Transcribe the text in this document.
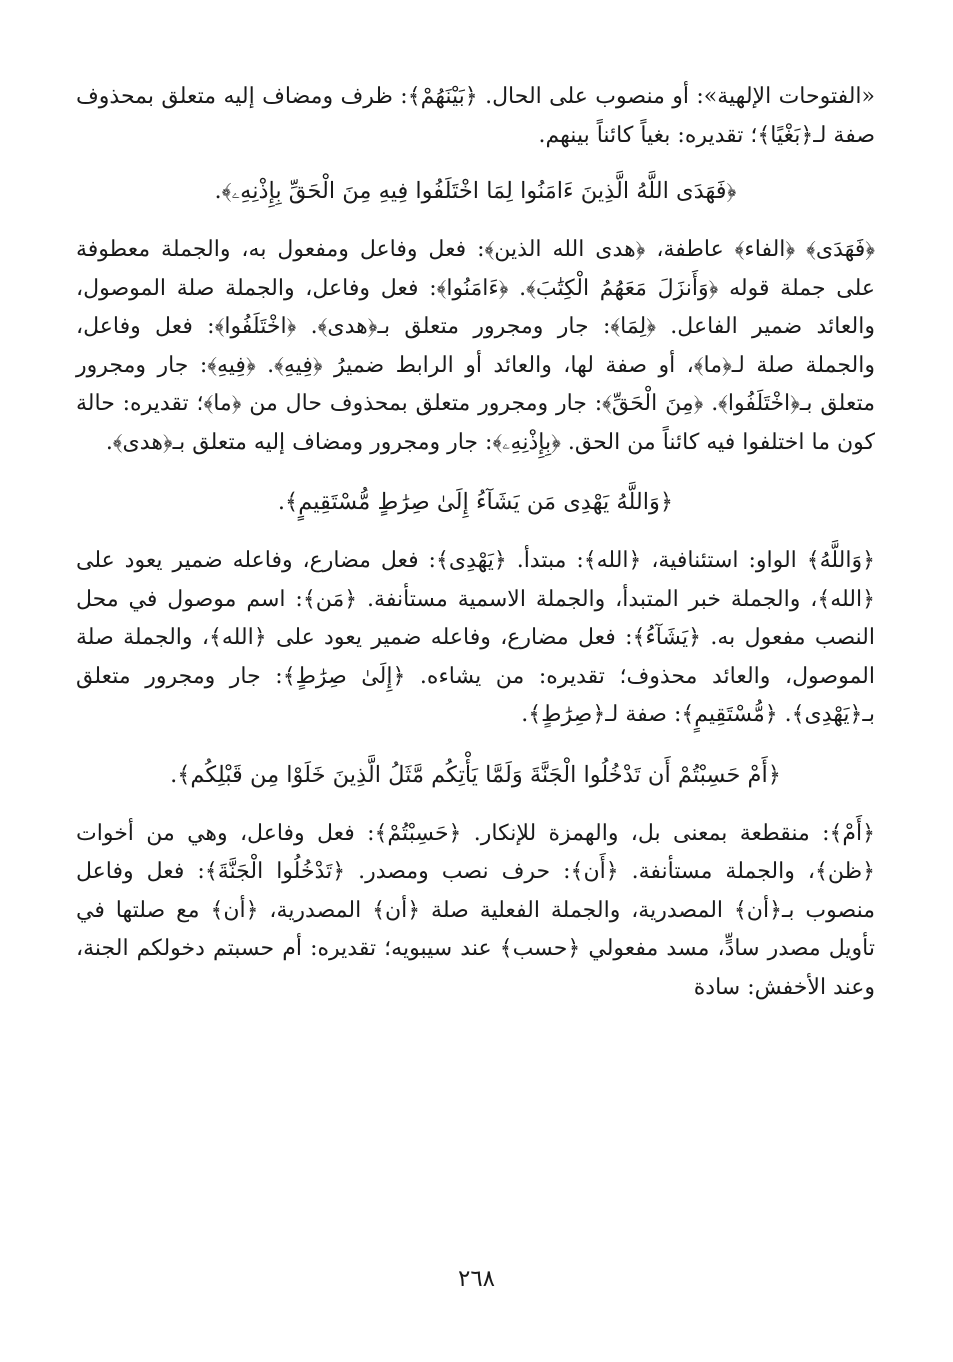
«الفتوحات الإلهية»: أو منصوب على الحال. ﴿بَيْنَهُمْ﴾: ظرف ومضاف إليه متعلق بمحذوف صفة لـ﴿بَغْيًا﴾؛ تقديره: بغياً كائناً بينهم.

﴿فَهَدَى اللَّهُ الَّذِينَ ءَامَنُوا لِمَا اخْتَلَفُوا فِيهِ مِنَ الْحَقِّ بِإِذْنِهِۦ﴾.

﴿فَهَدَى﴾ ﴿الفاء﴾ عاطفة، ﴿هدى الله الذين﴾: فعل وفاعل ومفعول به، والجملة معطوفة على جملة قوله ﴿وَأَنزَلَ مَعَهُمُ الْكِتَٰبَ﴾. ﴿ءَامَنُوا﴾: فعل وفاعل، والجملة صلة الموصول، والعائد ضمير الفاعل. ﴿لِمَا﴾: جار ومجرور متعلق بـ﴿هدى﴾. ﴿اخْتَلَفُوا﴾: فعل وفاعل، والجملة صلة لـ﴿ما﴾، أو صفة لها، والعائد أو الرابط ضميرُ ﴿فِيهِ﴾. ﴿فِيهِ﴾: جار ومجرور متعلق بـ﴿اخْتَلَفُوا﴾. ﴿مِنَ الْحَقِّ﴾: جار ومجرور متعلق بمحذوف حال من ﴿ما﴾؛ تقديره: حالة كون ما اختلفوا فيه كائناً من الحق. ﴿بِإِذْنِهِۦ﴾: جار ومجرور ومضاف إليه متعلق بـ﴿هدى﴾.

﴿وَاللَّهُ يَهْدِى مَن يَشَآءُ إِلَىٰ صِرَٰطٍ مُّسْتَقِيمٍ﴾.

﴿وَاللَّهُ﴾ الواو: استئنافية، ﴿الله﴾: مبتدأ. ﴿يَهْدِى﴾: فعل مضارع، وفاعله ضمير يعود على ﴿الله﴾، والجملة خبر المتبدأ، والجملة الاسمية مستأنفة. ﴿مَن﴾: اسم موصول في محل النصب مفعول به. ﴿يَشَآءُ﴾: فعل مضارع، وفاعله ضمير يعود على ﴿الله﴾، والجملة صلة الموصول، والعائد محذوف؛ تقديره: من يشاءه. ﴿إِلَىٰ صِرَٰطٍ﴾: جار ومجرور متعلق بـ﴿يَهْدِى﴾. ﴿مُّسْتَقِيمٍ﴾: صفة لـ﴿صِرَٰطٍ﴾.

﴿أَمْ حَسِبْتُمْ أَن تَدْخُلُوا الْجَنَّةَ وَلَمَّا يَأْتِكُم مَّثَلُ الَّذِينَ خَلَوْا مِن قَبْلِكُم﴾.

﴿أَمْ﴾: منقطعة بمعنى بل، والهمزة للإنكار. ﴿حَسِبْتُمْ﴾: فعل وفاعل، وهي من أخوات ﴿ظن﴾، والجملة مستأنفة. ﴿أَن﴾: حرف نصب ومصدر. ﴿تَدْخُلُوا الْجَنَّةَ﴾: فعل وفاعل منصوب بـ﴿أن﴾ المصدرية، والجملة الفعلية صلة ﴿أن﴾ المصدرية، ﴿أن﴾ مع صلتها في تأويل مصدر سادٍّ، مسد مفعولي ﴿حسب﴾ عند سيبويه؛ تقديره: أم حسبتم دخولكم الجنة، وعند الأخفش: سادة

٢٦٨
